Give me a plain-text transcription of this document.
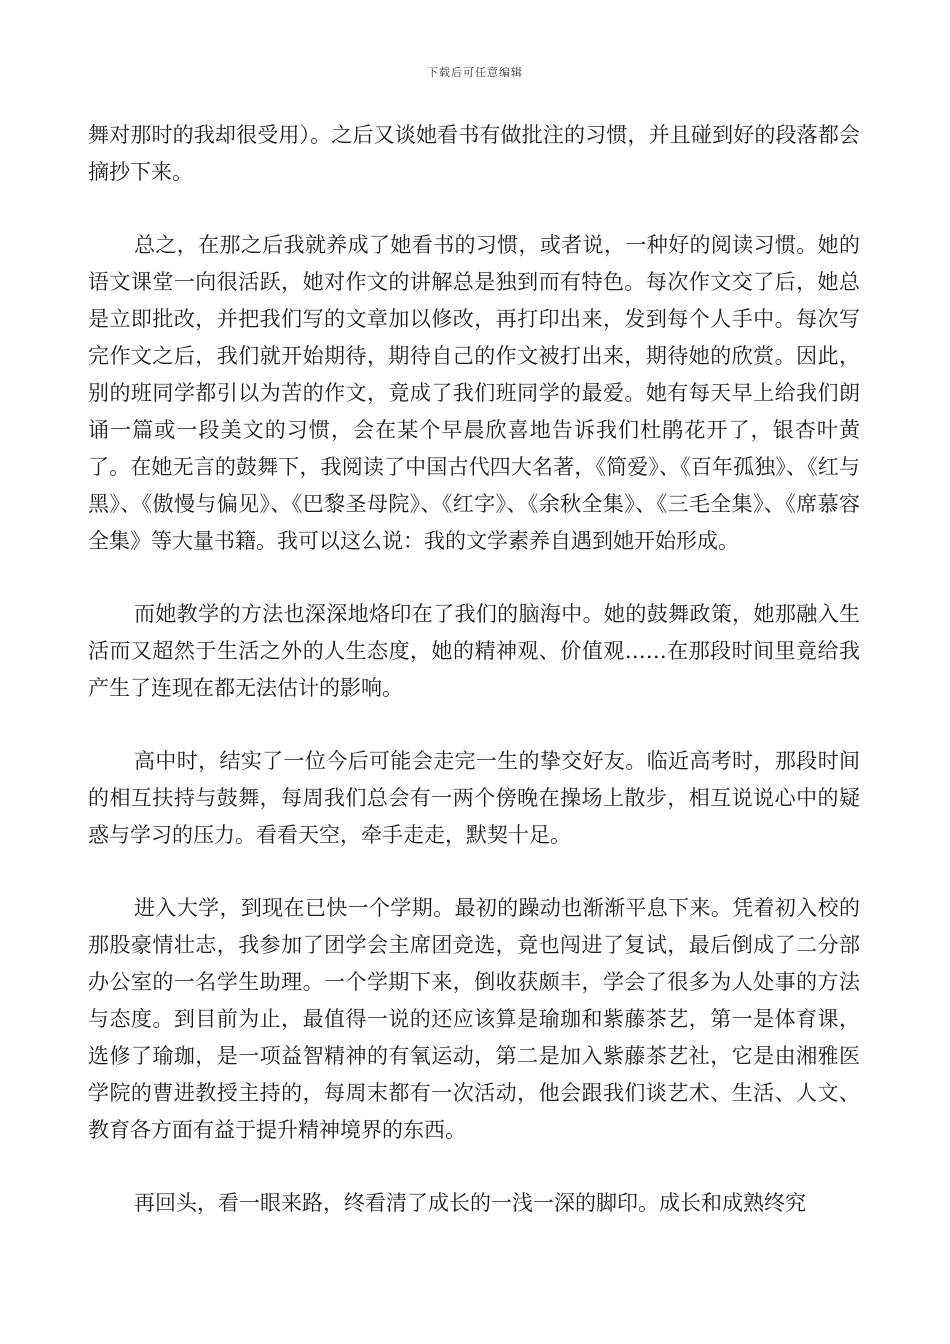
下载后可任意编辑

舞对那时的我却很受用）。之后又谈她看书有做批注的习惯，并且碰到好的段落都会摘抄下来。

总之，在那之后我就养成了她看书的习惯，或者说，一种好的阅读习惯。她的语文课堂一向很活跃，她对作文的讲解总是独到而有特色。每次作文交了后，她总是立即批改，并把我们写的文章加以修改，再打印出来，发到每个人手中。每次写完作文之后，我们就开始期待，期待自己的作文被打出来，期待她的欣赏。因此，别的班同学都引以为苦的作文，竟成了我们班同学的最爱。她有每天早上给我们朗诵一篇或一段美文的习惯，会在某个早晨欣喜地告诉我们杜鹃花开了，银杏叶黄了。在她无言的鼓舞下，我阅读了中国古代四大名著，《简爱》、《百年孤独》、《红与黑》、《傲慢与偏见》、《巴黎圣母院》、《红字》、《余秋全集》、《三毛全集》、《席慕容全集》等大量书籍。我可以这么说：我的文学素养自遇到她开始形成。

而她教学的方法也深深地烙印在了我们的脑海中。她的鼓舞政策，她那融入生活而又超然于生活之外的人生态度，她的精神观、价值观……在那段时间里竟给我产生了连现在都无法估计的影响。

高中时，结实了一位今后可能会走完一生的挚交好友。临近高考时，那段时间的相互扶持与鼓舞，每周我们总会有一两个傍晚在操场上散步，相互说说心中的疑惑与学习的压力。看看天空，牵手走走，默契十足。

进入大学，到现在已快一个学期。最初的躁动也渐渐平息下来。凭着初入校的那股豪情壮志，我参加了团学会主席团竞选，竟也闯进了复试，最后倒成了二分部办公室的一名学生助理。一个学期下来，倒收获颇丰，学会了很多为人处事的方法与态度。到目前为止，最值得一说的还应该算是瑜珈和紫藤茶艺，第一是体育课，选修了瑜珈，是一项益智精神的有氧运动，第二是加入紫藤茶艺社，它是由湘雅医学院的曹进教授主持的，每周末都有一次活动，他会跟我们谈艺术、生活、人文、教育各方面有益于提升精神境界的东西。

再回头，看一眼来路，终看清了成长的一浅一深的脚印。成长和成熟终究
